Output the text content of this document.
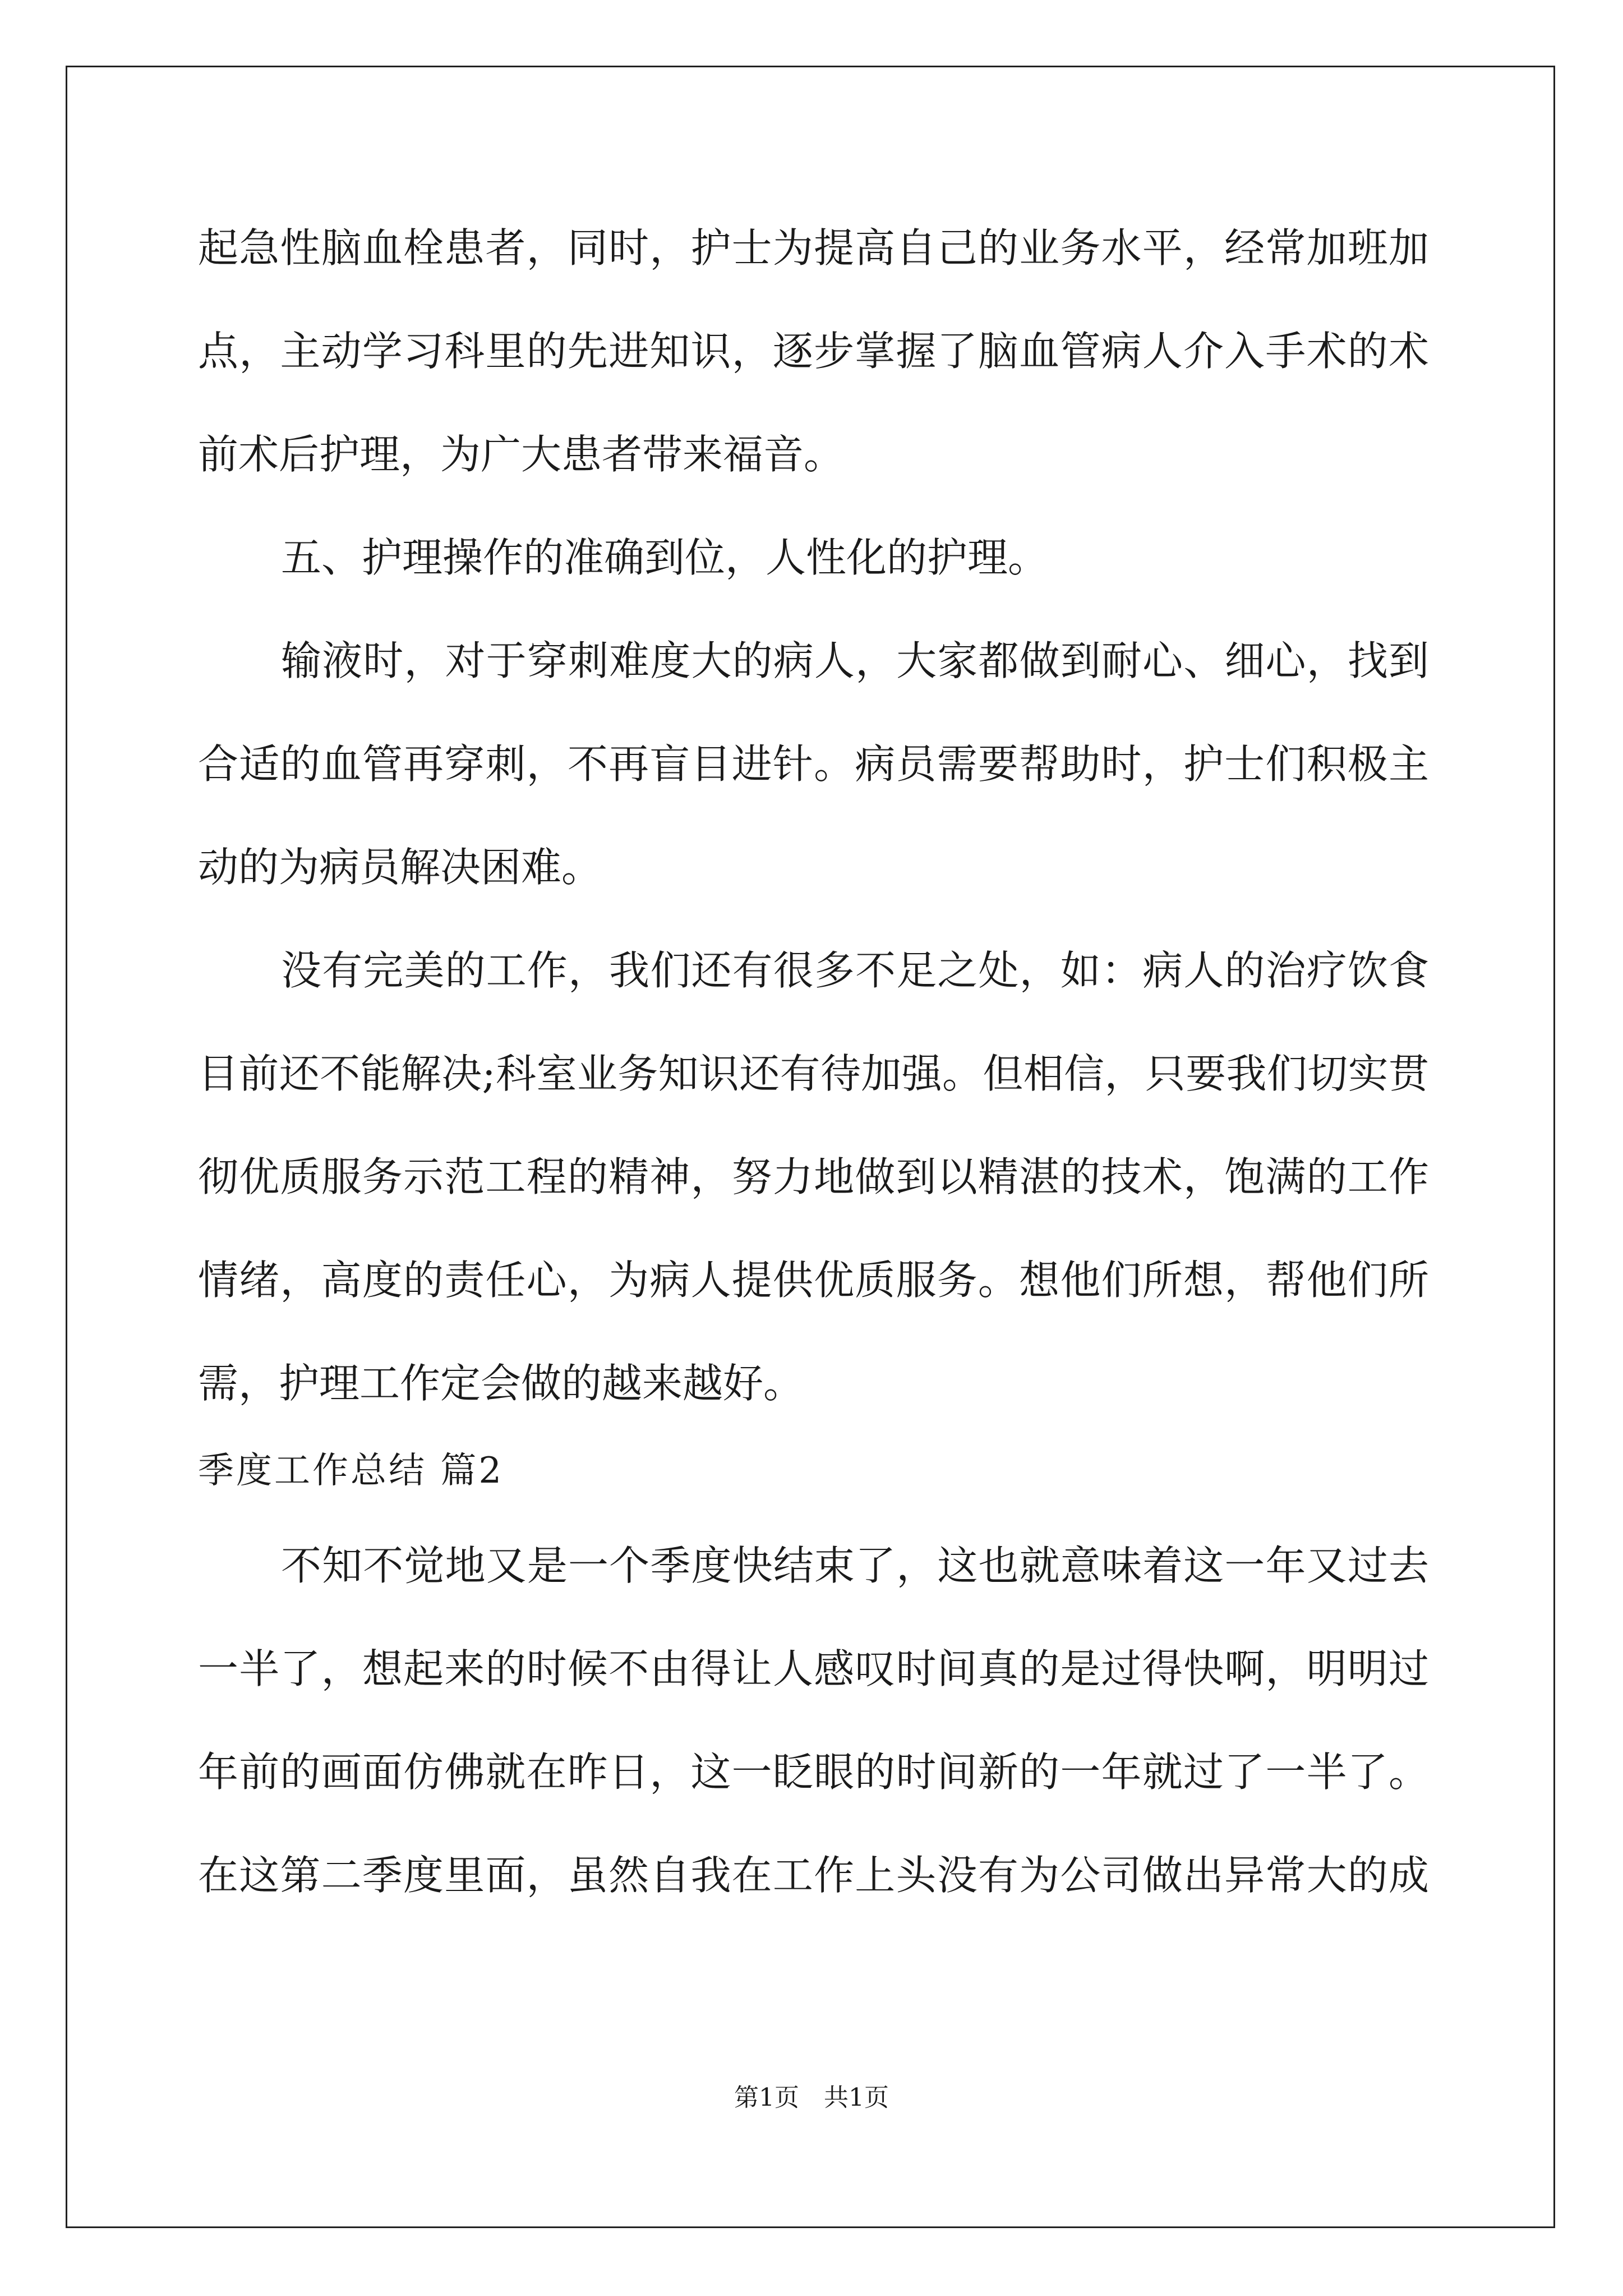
起急性脑血栓患者，同时，护士为提高自己的业务水平，经常加班加
点，主动学习科里的先进知识，逐步掌握了脑血管病人介入手术的术
前术后护理，为广大患者带来福音。
五、护理操作的准确到位，人性化的护理。
输液时，对于穿刺难度大的病人，大家都做到耐心、细心，找到
合适的血管再穿刺，不再盲目进针。病员需要帮助时，护士们积极主
动的为病员解决困难。
没有完美的工作，我们还有很多不足之处，如：病人的治疗饮食
目前还不能解决;科室业务知识还有待加强。但相信，只要我们切实贯
彻优质服务示范工程的精神，努力地做到以精湛的技术，饱满的工作
情绪，高度的责任心，为病人提供优质服务。想他们所想，帮他们所
需，护理工作定会做的越来越好。
季度工作总结 篇2
不知不觉地又是一个季度快结束了，这也就意味着这一年又过去
一半了，想起来的时候不由得让人感叹时间真的是过得快啊，明明过
年前的画面仿佛就在昨日，这一眨眼的时间新的一年就过了一半了。
在这第二季度里面，虽然自我在工作上头没有为公司做出异常大的成
第1页　共1页
